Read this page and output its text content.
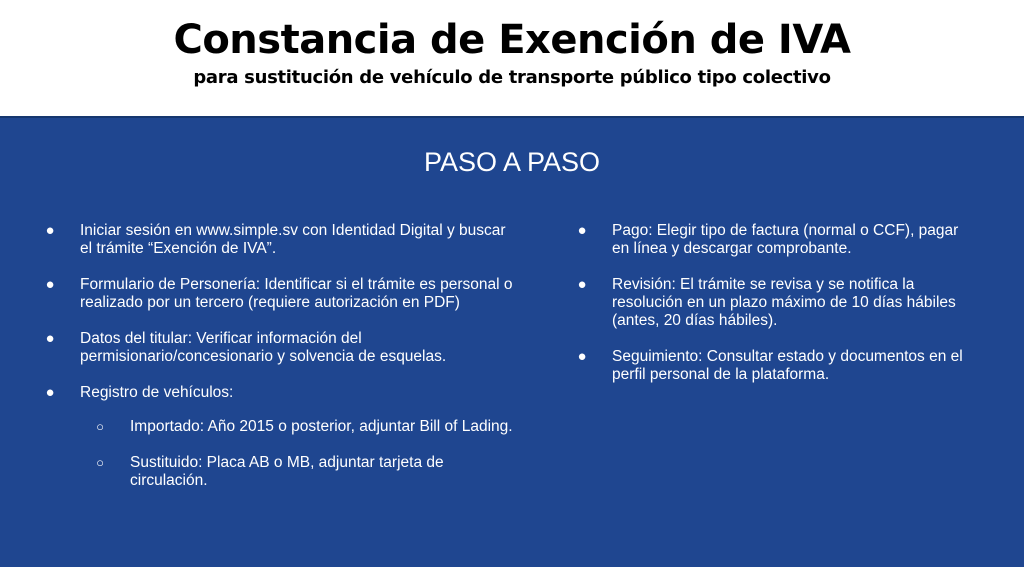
Constancia de Exención de IVA
para sustitución de vehículo de transporte público tipo colectivo
PASO A PASO
● Iniciar sesión en www.simple.sv con Identidad Digital y buscar el trámite “Exención de IVA”.
● Formulario de Personería: Identificar si el trámite es personal o realizado por un tercero (requiere autorización en PDF)
● Datos del titular: Verificar información del permisionario/concesionario y solvencia de esquelas.
● Registro de vehículos:
○ Importado: Año 2015 o posterior, adjuntar Bill of Lading.
○ Sustituido: Placa AB o MB, adjuntar tarjeta de circulación.
● Pago: Elegir tipo de factura (normal o CCF), pagar en línea y descargar comprobante.
● Revisión: El trámite se revisa y se notifica la resolución en un plazo máximo de 10 días hábiles (antes, 20 días hábiles).
● Seguimiento: Consultar estado y documentos en el perfil personal de la plataforma.
